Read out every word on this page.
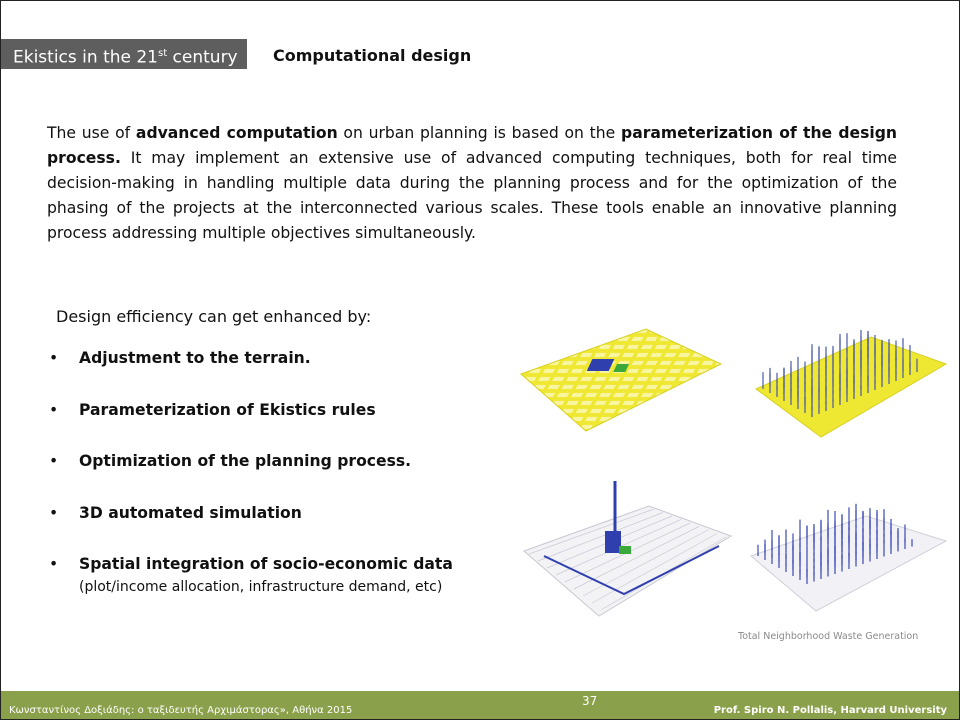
Ekistics in the 21st century	Computational design
The use of advanced computation on urban planning is based on the parameterization of the design process. It may implement an extensive use of advanced computing techniques, both for real time decision-making in handling multiple data during the planning process and for the optimization of the phasing of the projects at the interconnected various scales. These tools enable an innovative planning process addressing multiple objectives simultaneously.
Design efficiency can get enhanced by:
• Adjustment to the terrain.
• Parameterization of Ekistics rules
• Optimization of the planning process.
• 3D automated simulation
• Spatial integration of socio-economic data
(plot/income allocation, infrastructure demand, etc)
Total Neighborhood Waste Generation
Κωνσταντίνος Δοξιάδης: ο ταξιδευτής Αρχιμάστορας», Αθήνα 2015
37
Prof. Spiro N. Pollalis, Harvard University
